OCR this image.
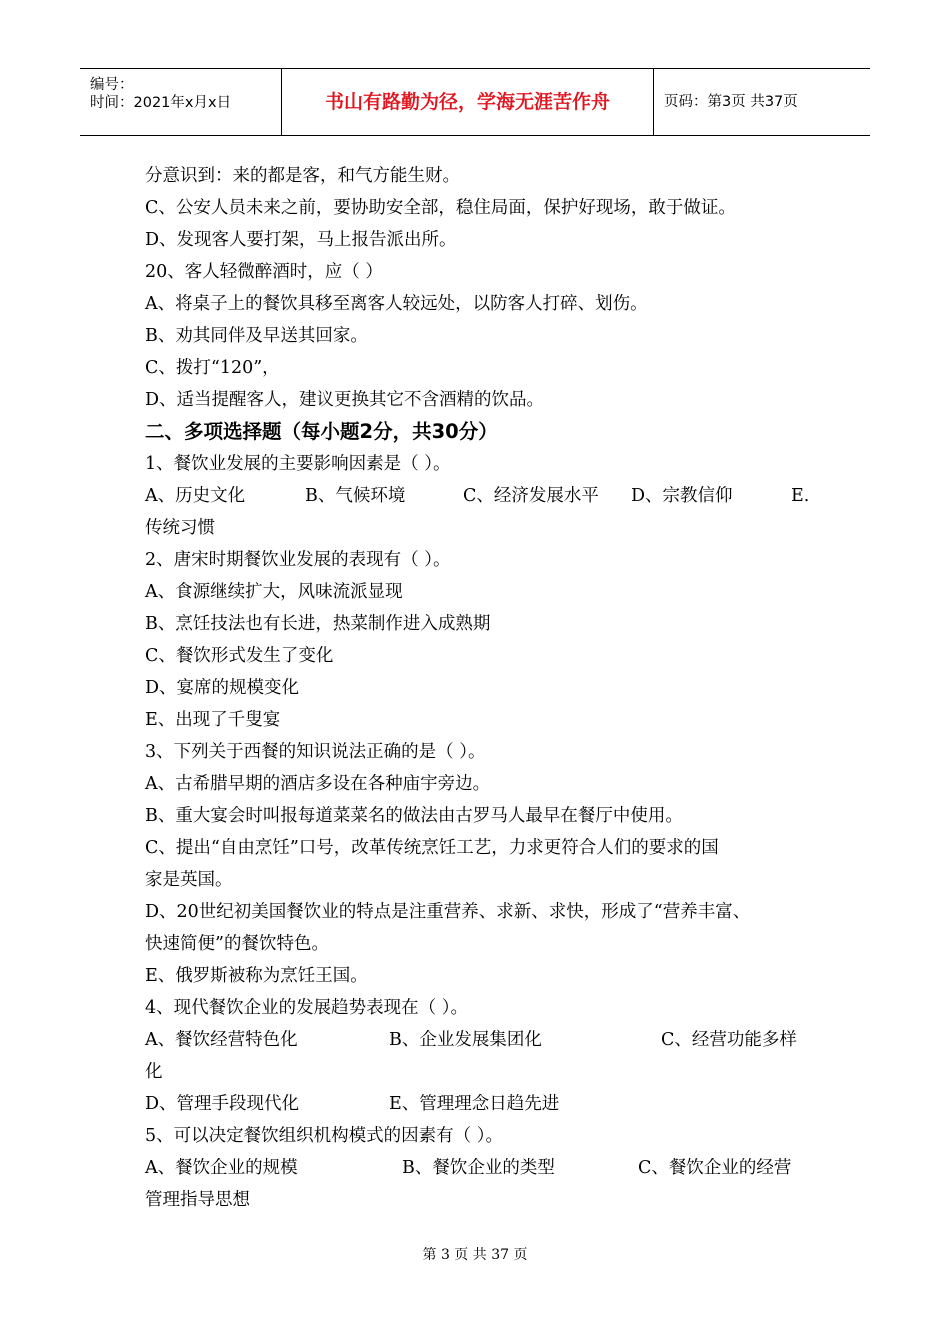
编号：
时间：2021年x月x日	书山有路勤为径，学海无涯苦作舟	页码：第3页 共37页
分意识到：来的都是客，和气方能生财。
C、公安人员未来之前，要协助安全部，稳住局面，保护好现场，敢于做证。
D、发现客人要打架，马上报告派出所。
20、客人轻微醉酒时，应（ ）
A、将桌子上的餐饮具移至离客人较远处，以防客人打碎、划伤。
B、劝其同伴及早送其回家。
C、拨打“120”，
D、适当提醒客人，建议更换其它不含酒精的饮品。
二、多项选择题（每小题2分，共30分）
1、餐饮业发展的主要影响因素是（ ）。
A、历史文化	B、气候环境	C、经济发展水平	D、宗教信仰	E.
传统习惯
2、唐宋时期餐饮业发展的表现有（ ）。
A、食源继续扩大，风味流派显现
B、烹饪技法也有长进，热菜制作进入成熟期
C、餐饮形式发生了变化
D、宴席的规模变化
E、出现了千叟宴
3、下列关于西餐的知识说法正确的是（ ）。
A、古希腊早期的酒店多设在各种庙宇旁边。
B、重大宴会时叫报每道菜菜名的做法由古罗马人最早在餐厅中使用。
C、提出“自由烹饪”口号，改革传统烹饪工艺，力求更符合人们的要求的国
家是英国。
D、20世纪初美国餐饮业的特点是注重营养、求新、求快，形成了“营养丰富、
快速简便”的餐饮特色。
E、俄罗斯被称为烹饪王国。
4、现代餐饮企业的发展趋势表现在（ ）。
A、餐饮经营特色化	B、企业发展集团化	C、经营功能多样
化
D、管理手段现代化	E、管理理念日趋先进
5、可以决定餐饮组织机构模式的因素有（ ）。
A、餐饮企业的规模	B、餐饮企业的类型	C、餐饮企业的经营
管理指导思想
第 3 页 共 37 页
